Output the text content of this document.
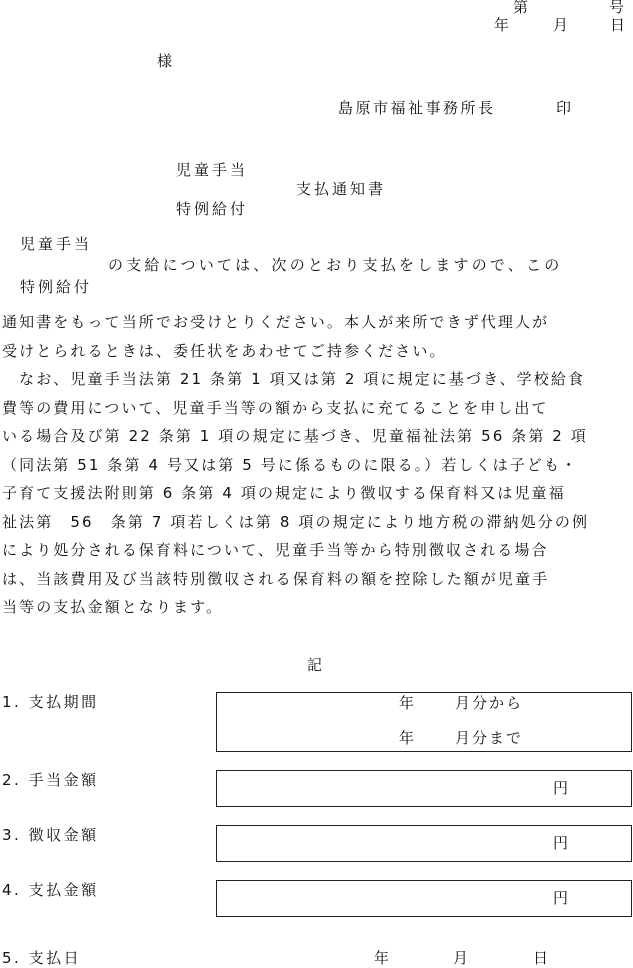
第	号
年	月	日
様
島原市福祉事務所長	印
児童手当
支払通知書
特例給付
児童手当
の支給については、次のとおり支払をしますので、この
特例給付
通知書をもって当所でお受けとりください。本人が来所できず代理人が
受けとられるときは、委任状をあわせてご持参ください。
　なお、児童手当法第 21 条第 1 項又は第 2 項に規定に基づき、学校給食
費等の費用について、児童手当等の額から支払に充てることを申し出て
いる場合及び第 22 条第 1 項の規定に基づき、児童福祉法第 56 条第 2 項
（同法第 51 条第 4 号又は第 5 号に係るものに限る。）若しくは子ども・
子育て支援法附則第 6 条第 4 項の規定により徴収する保育料又は児童福
祉法第　56　条第 7 項若しくは第 8 項の規定により地方税の滞納処分の例
により処分される保育料について、児童手当等から特別徴収される場合
は、当該費用及び当該特別徴収される保育料の額を控除した額が児童手
当等の支払金額となります。
記
1. 支払期間	年	月分から
年	月分まで
2. 手当金額	円
3. 徴収金額	円
4. 支払金額	円
5. 支払日	年	月	日
